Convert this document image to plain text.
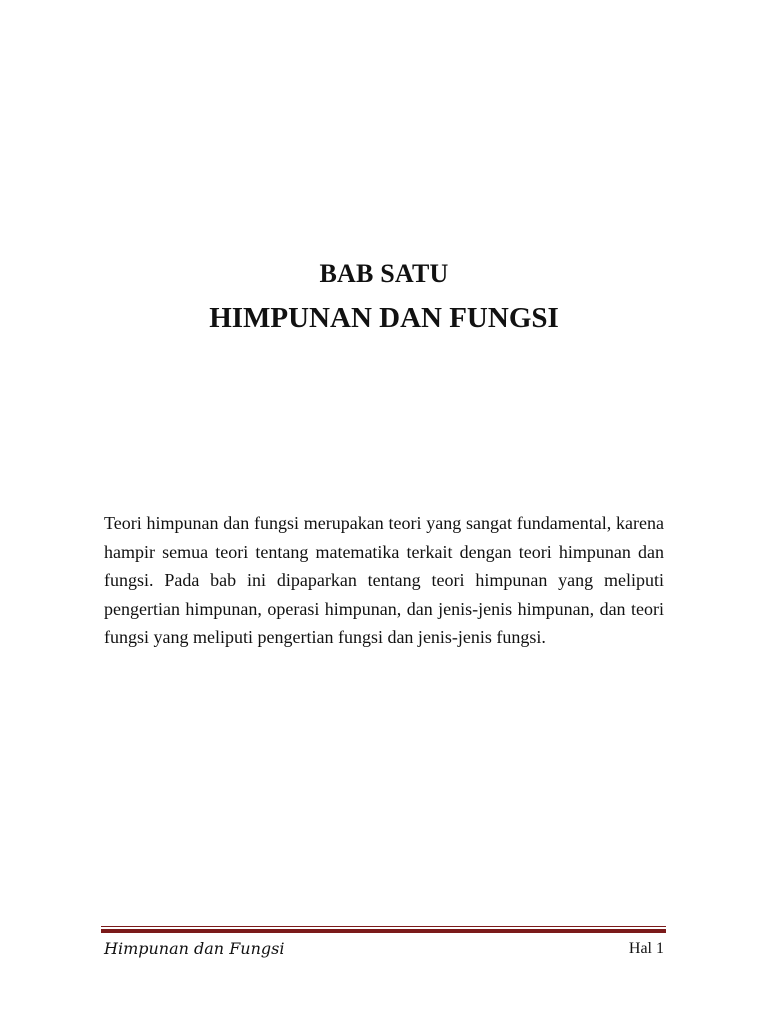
BAB SATU
HIMPUNAN DAN FUNGSI

Teori himpunan dan fungsi merupakan teori yang sangat fundamental, karena hampir semua teori tentang matematika terkait dengan teori himpunan dan fungsi. Pada bab ini dipaparkan tentang teori himpunan yang meliputi pengertian himpunan, operasi himpunan, dan jenis-jenis himpunan, dan teori fungsi yang meliputi pengertian fungsi dan jenis-jenis fungsi.

Himpunan dan Fungsi	Hal 1
